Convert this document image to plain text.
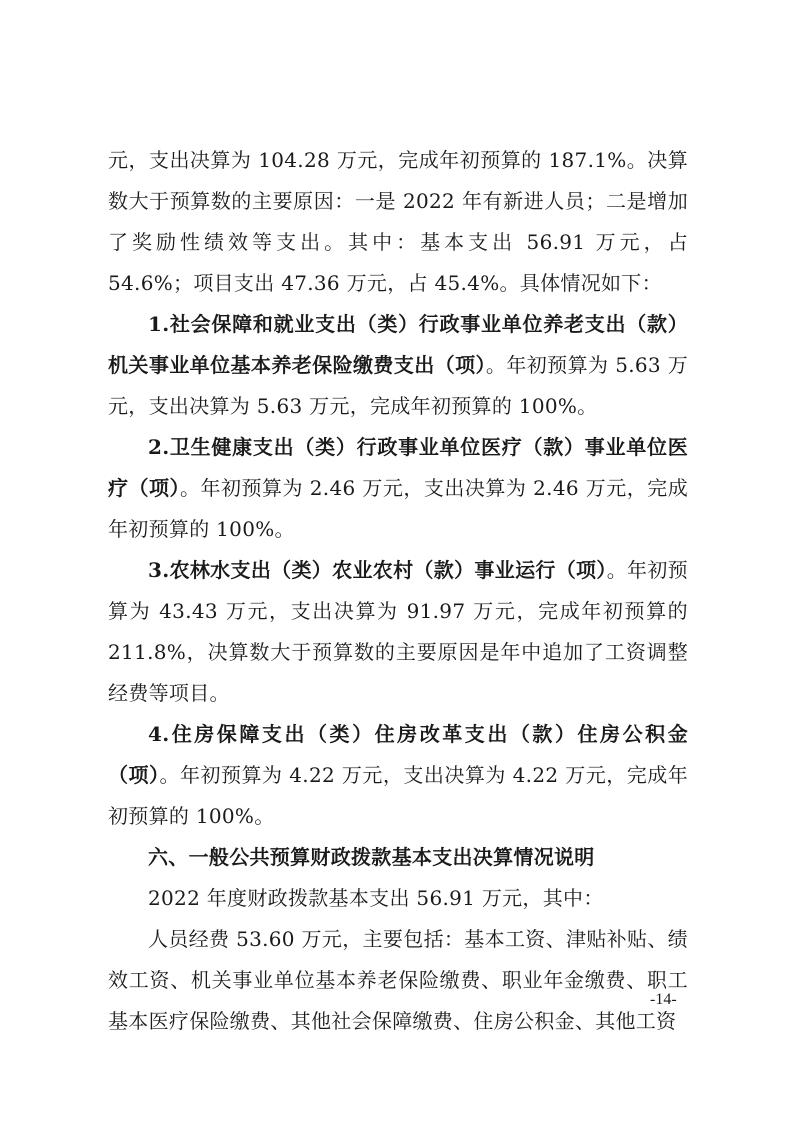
元，支出决算为 104.28 万元，完成年初预算的 187.1%。决算数大于预算数的主要原因：一是 2022 年有新进人员；二是增加了奖励性绩效等支出。其中：基本支出 56.91 万元，占 54.6%；项目支出 47.36 万元，占 45.4%。具体情况如下：

1.社会保障和就业支出（类）行政事业单位养老支出（款）机关事业单位基本养老保险缴费支出（项）。年初预算为 5.63 万元，支出决算为 5.63 万元，完成年初预算的 100%。

2.卫生健康支出（类）行政事业单位医疗（款）事业单位医疗（项）。年初预算为 2.46 万元，支出决算为 2.46 万元，完成年初预算的 100%。

3.农林水支出（类）农业农村（款）事业运行（项）。年初预算为 43.43 万元，支出决算为 91.97 万元，完成年初预算的 211.8%，决算数大于预算数的主要原因是年中追加了工资调整经费等项目。

4.住房保障支出（类）住房改革支出（款）住房公积金（项）。年初预算为 4.22 万元，支出决算为 4.22 万元，完成年初预算的 100%。

六、一般公共预算财政拨款基本支出决算情况说明

2022 年度财政拨款基本支出 56.91 万元，其中：

人员经费 53.60 万元，主要包括：基本工资、津贴补贴、绩效工资、机关事业单位基本养老保险缴费、职业年金缴费、职工基本医疗保险缴费、其他社会保障缴费、住房公积金、其他工资

-14-
